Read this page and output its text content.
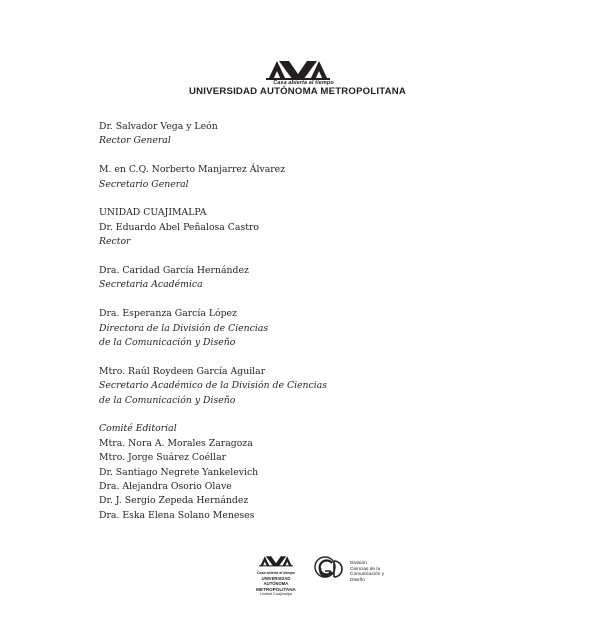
Casa abierta al tiempo
UNIVERSIDAD AUTÓNOMA METROPOLITANA
Dr. Salvador Vega y León
Rector General
M. en C.Q. Norberto Manjarrez Álvarez
Secretario General
UNIDAD CUAJIMALPA
Dr. Eduardo Abel Peñalosa Castro
Rector
Dra. Caridad García Hernández
Secretaria Académica
Dra. Esperanza García López
Directora de la División de Ciencias
de la Comunicación y Diseño
Mtro. Raúl Roydeen García Aguilar
Secretario Académico de la División de Ciencias
de la Comunicación y Diseño
Comité Editorial
Mtra. Nora A. Morales Zaragoza
Mtro. Jorge Suárez Coéllar
Dr. Santiago Negrete Yankelevich
Dra. Alejandra Osorio Olave
Dr. J. Sergio Zepeda Hernández
Dra. Eska Elena Solano Meneses
Casa abierta al tiempo
UNIVERSIDAD AUTÓNOMA
METROPOLITANA
Unidad Cuajimalpa
División
Ciencias de la
Comunicación y
Diseño
